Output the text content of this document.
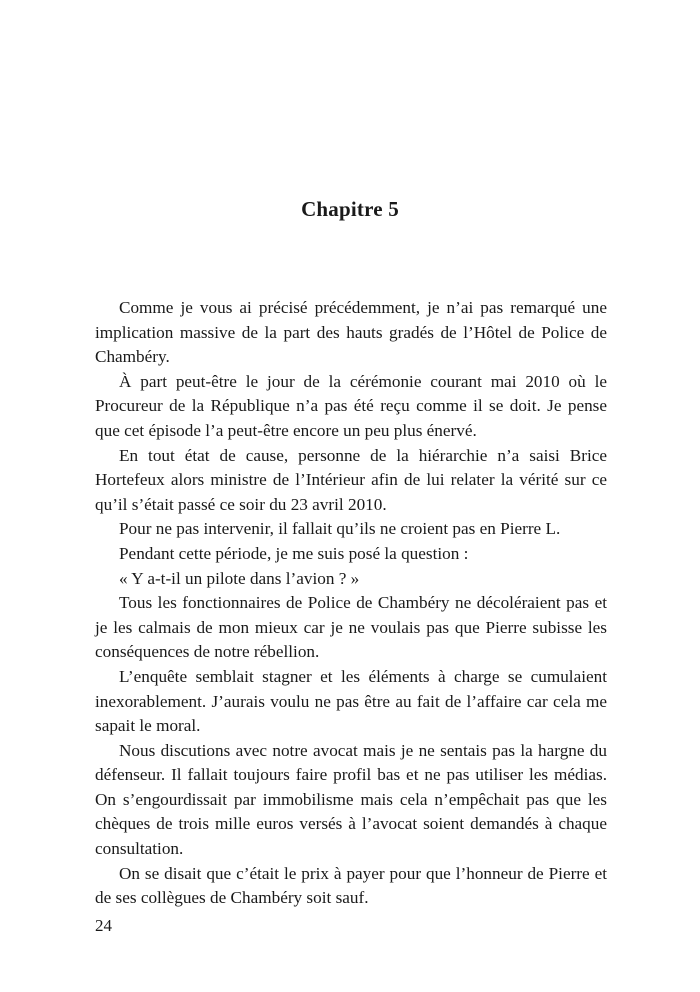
Chapitre 5

Comme je vous ai précisé précédemment, je n’ai pas remarqué une implication massive de la part des hauts gradés de l’Hôtel de Police de Chambéry.

À part peut-être le jour de la cérémonie courant mai 2010 où le Procureur de la République n’a pas été reçu comme il se doit. Je pense que cet épisode l’a peut-être encore un peu plus énervé.

En tout état de cause, personne de la hiérarchie n’a saisi Brice Hortefeux alors ministre de l’Intérieur afin de lui relater la vérité sur ce qu’il s’était passé ce soir du 23 avril 2010.

Pour ne pas intervenir, il fallait qu’ils ne croient pas en Pierre L.

Pendant cette période, je me suis posé la question :

« Y a-t-il un pilote dans l’avion ? »

Tous les fonctionnaires de Police de Chambéry ne décoléraient pas et je les calmais de mon mieux car je ne voulais pas que Pierre subisse les conséquences de notre rébellion.

L’enquête semblait stagner et les éléments à charge se cumulaient inexorablement. J’aurais voulu ne pas être au fait de l’affaire car cela me sapait le moral.

Nous discutions avec notre avocat mais je ne sentais pas la hargne du défenseur. Il fallait toujours faire profil bas et ne pas utiliser les médias. On s’engourdissait par immobilisme mais cela n’empêchait pas que les chèques de trois mille euros versés à l’avocat soient demandés à chaque consultation.

On se disait que c’était le prix à payer pour que l’honneur de Pierre et de ses collègues de Chambéry soit sauf.

24
